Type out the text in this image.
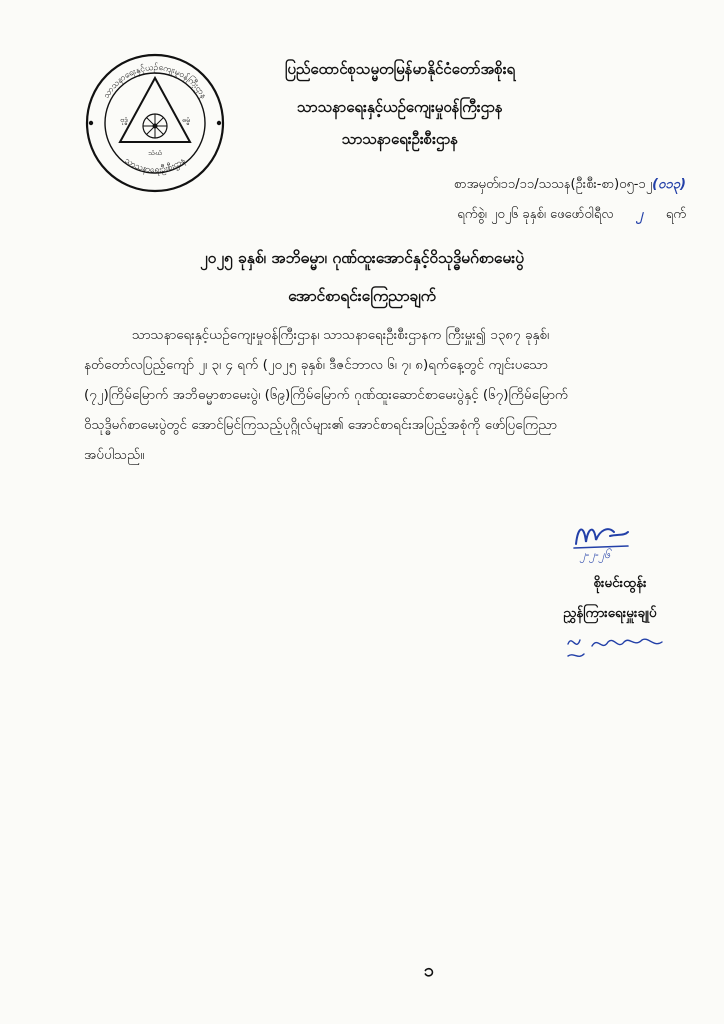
သာသနာရေးနှင့်ယဉ်ကျေးမှုဝန်ကြီးဌာန
သာသနာရေးဦးစီးဌာန
ဗုဒ္ဓံ	ဓမ္မံ
သံဃံ
ပြည်ထောင်စုသမ္မတမြန်မာနိုင်ငံတော်အစိုးရ
သာသနာရေးနှင့်ယဉ်ကျေးမှုဝန်ကြီးဌာန
သာသနာရေးဦးစီးဌာန
စာအမှတ်၊၁၁/၁၁/သသန(ဦးစီး-စာ)၀၅-၁၂(၀၁၃)
ရက်စွဲ၊ ၂၀၂၆ ခုနှစ်၊ ဖေဖော်ဝါရီလ ၂ ရက်
၂၀၂၅ ခုနှစ်၊ အဘိဓမ္မာ၊ ဂုဏ်ထူးအောင်နှင့်ဝိသုဒ္ဓိမဂ်စာမေးပွဲ
အောင်စာရင်းကြေညာချက်
သာသနာရေးနှင့်ယဉ်ကျေးမှုဝန်ကြီးဌာန၊ သာသနာရေးဦးစီးဌာနက ကြီးမှူး၍ ၁၃၈၇ ခုနှစ်၊
နတ်တော်လပြည့်ကျော် ၂၊ ၃၊ ၄ ရက် (၂၀၂၅ ခုနှစ်၊ ဒီဇင်ဘာလ ၆၊ ၇၊ ၈)ရက်နေ့တွင် ကျင်းပသော
(၇၂)ကြိမ်မြောက် အဘိဓမ္မာစာမေးပွဲ၊ (၆၉)ကြိမ်မြောက် ဂုဏ်ထူးဆောင်စာမေးပွဲနှင့် (၆၇)ကြိမ်မြောက်
ဝိသုဒ္ဓိမဂ်စာမေးပွဲတွင် အောင်မြင်ကြသည့်ပုဂ္ဂိုလ်များ၏ အောင်စာရင်းအပြည့်အစုံကို ဖော်ပြကြေညာ
အပ်ပါသည်။
၂-၂-၂၆
စိုးမင်းထွန်း
ညွှန်ကြားရေးမှူးချုပ်
၁
